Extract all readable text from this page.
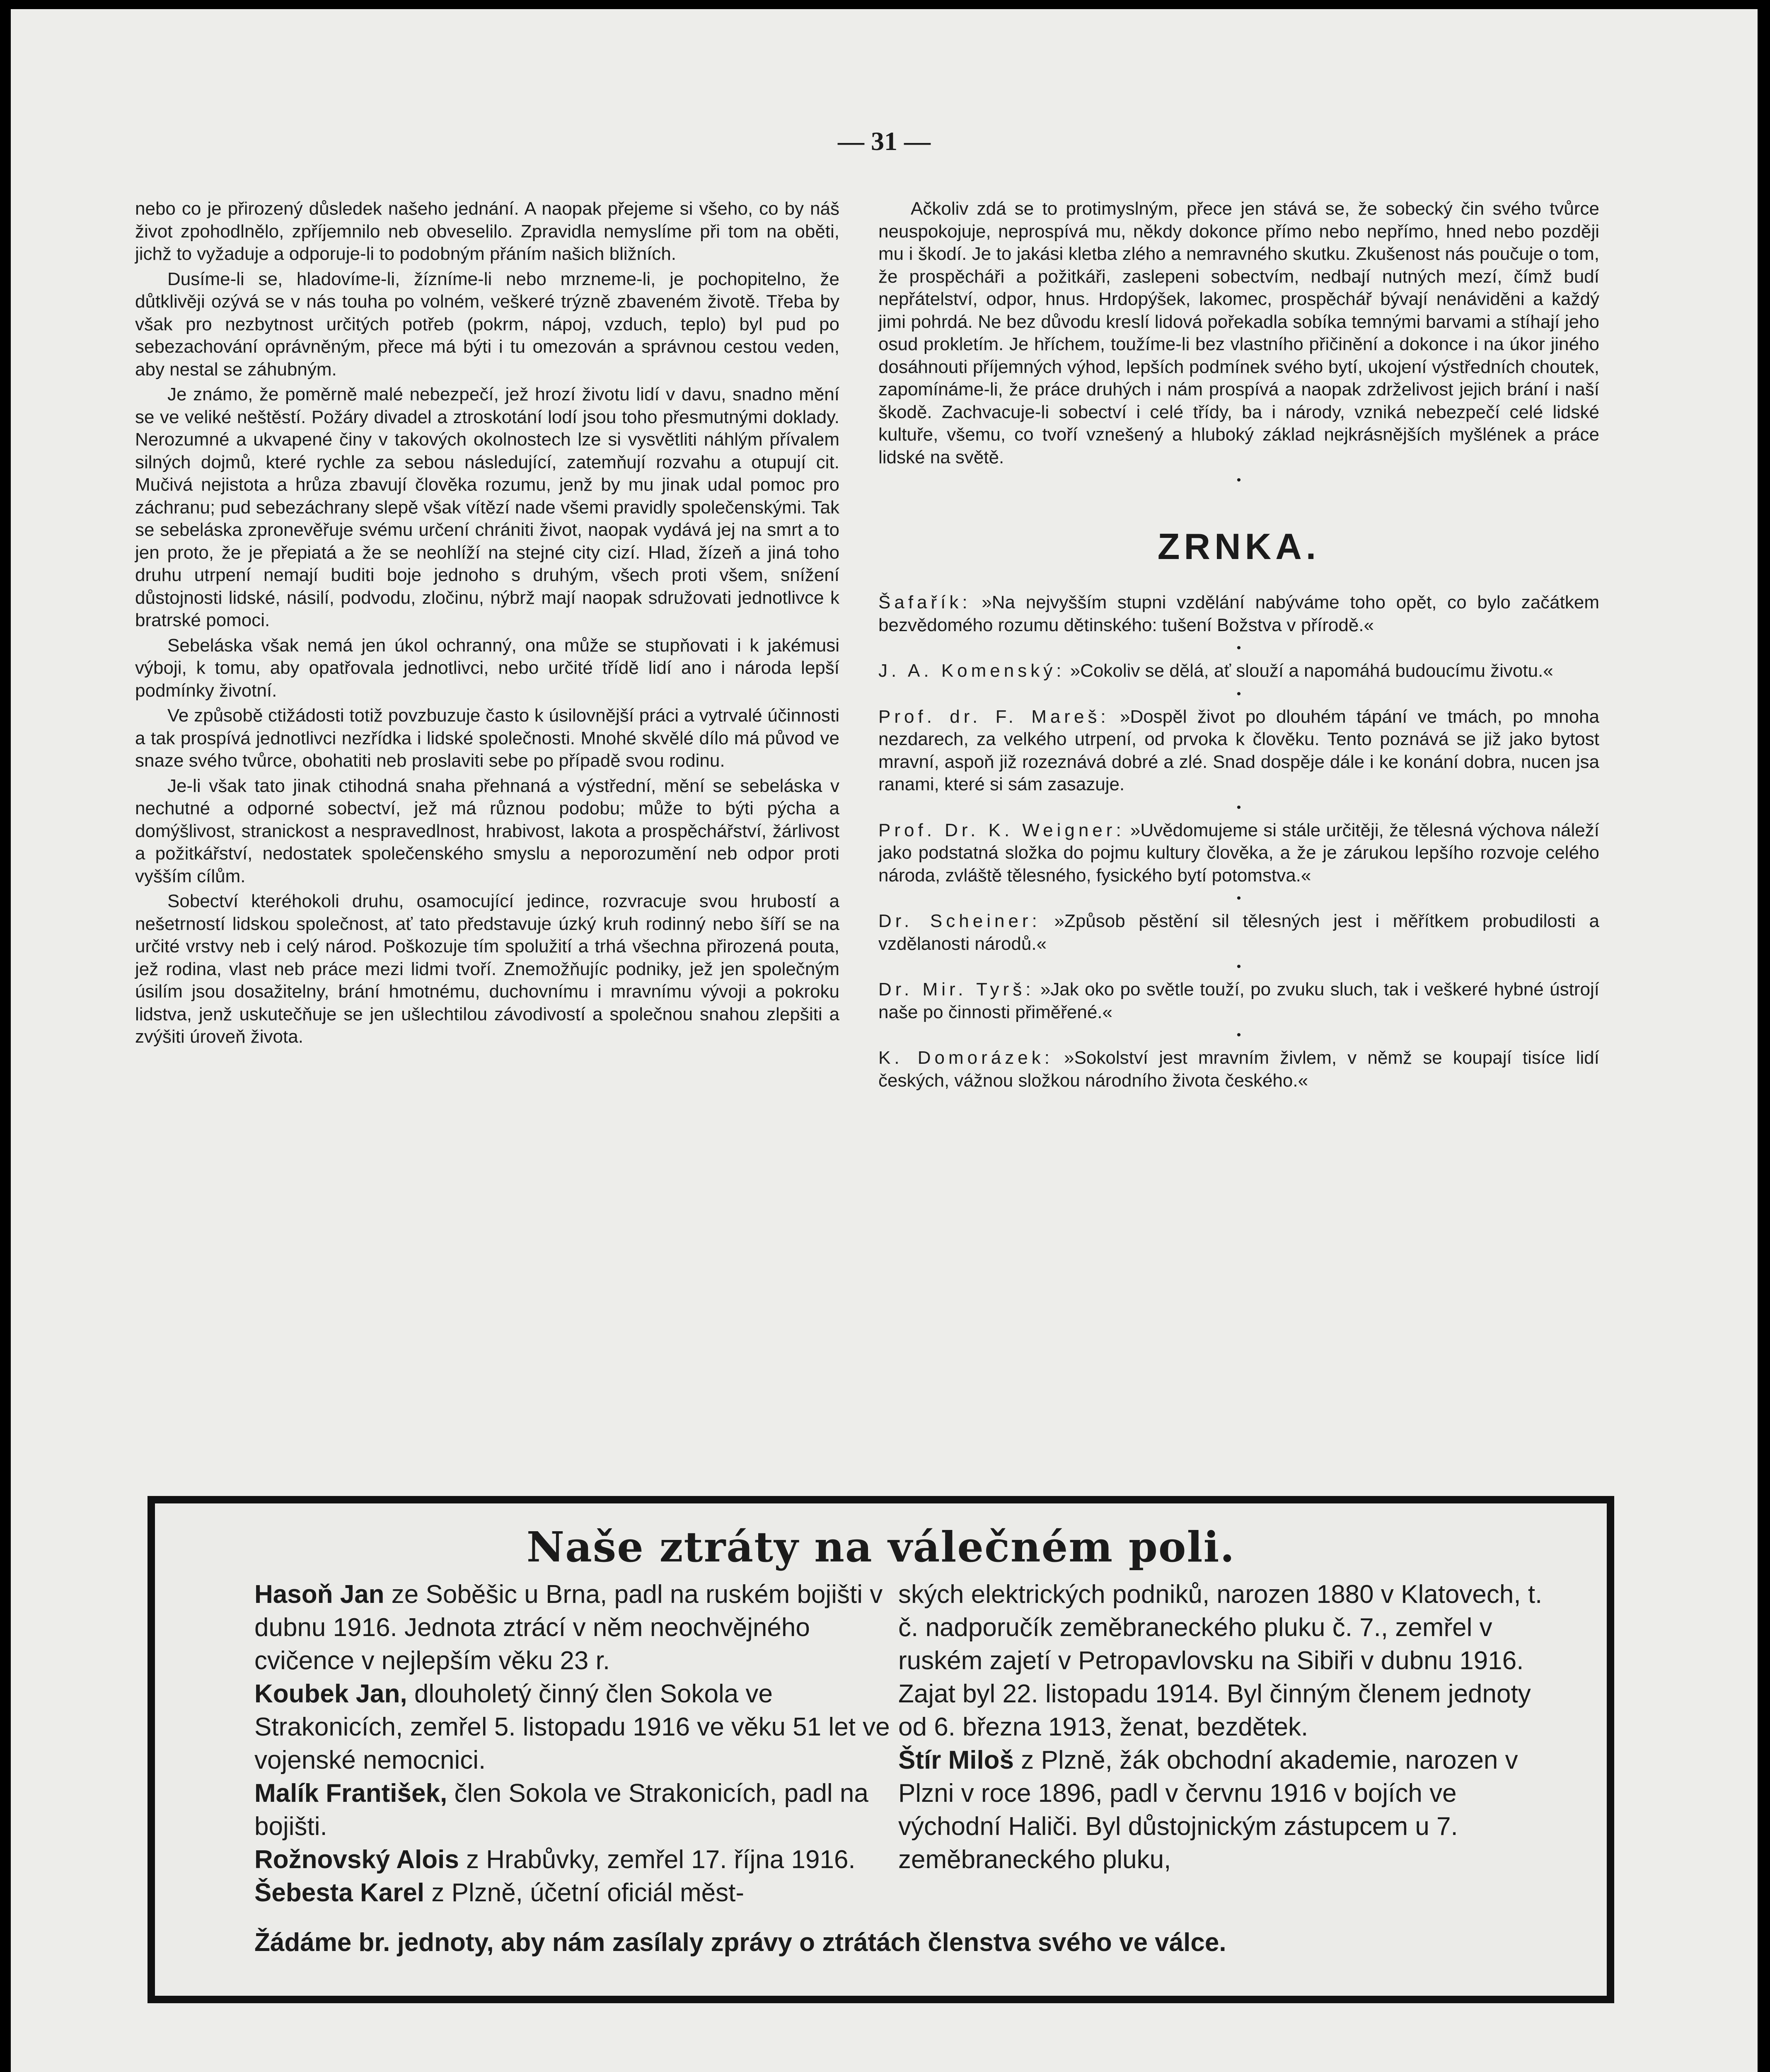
— 31 —

nebo co je přirozený důsledek našeho jednání. A naopak přejeme si všeho, co by náš život zpohodlnělo, zpříjemnilo neb obveselilo. Zpravidla nemyslíme při tom na oběti, jichž to vyžaduje a odporuje-li to podobným přáním našich bližních.

Dusíme-li se, hladovíme-li, žízníme-li nebo mrzneme-li, je pochopitelno, že důtklivěji ozývá se v nás touha po volném, veškeré trýzně zbaveném životě. Třeba by však pro nezbytnost určitých potřeb (pokrm, nápoj, vzduch, teplo) byl pud po sebezachování oprávněným, přece má býti i tu omezován a správnou cestou veden, aby nestal se záhubným.

Je známo, že poměrně malé nebezpečí, jež hrozí životu lidí v davu, snadno mění se ve veliké neštěstí. Požáry divadel a ztroskotání lodí jsou toho přesmutnými doklady. Nerozumné a ukvapené činy v takových okolnostech lze si vysvětliti náhlým přívalem silných dojmů, které rychle za sebou následující, zatemňují rozvahu a otupují cit. Mučivá nejistota a hrůza zbavují člověka rozumu, jenž by mu jinak udal pomoc pro záchranu; pud sebezáchrany slepě však vítězí nade všemi pravidly společenskými. Tak se sebeláska zpronevěřuje svému určení chrániti život, naopak vydává jej na smrt a to jen proto, že je přepiatá a že se neohlíží na stejné city cizí. Hlad, žízeň a jiná toho druhu utrpení nemají buditi boje jednoho s druhým, všech proti všem, snížení důstojnosti lidské, násilí, podvodu, zločinu, nýbrž mají naopak sdružovati jednotlivce k bratrské pomoci.

Sebeláska však nemá jen úkol ochranný, ona může se stupňovati i k jakémusi výboji, k tomu, aby opatřovala jednotlivci, nebo určité třídě lidí ano i národa lepší podmínky životní.

Ve způsobě ctižádosti totiž povzbuzuje často k úsilovnější práci a vytrvalé účinnosti a tak prospívá jednotlivci nezřídka i lidské společnosti. Mnohé skvělé dílo má původ ve snaze svého tvůrce, obohatiti neb proslaviti sebe po případě svou rodinu.

Je-li však tato jinak ctihodná snaha přehnaná a výstřední, mění se sebeláska v nechutné a odporné sobectví, jež má různou podobu; může to býti pýcha a domýšlivost, stranickost a nespravedlnost, hrabivost, lakota a prospěchářství, žárlivost a požitkářství, nedostatek společenského smyslu a neporozumění neb odpor proti vyšším cílům.

Sobectví kteréhokoli druhu, osamocující jedince, rozvracuje svou hrubostí a nešetrností lidskou společnost, ať tato představuje úzký kruh rodinný nebo šíří se na určité vrstvy neb i celý národ. Poškozuje tím spolužití a trhá všechna přirozená pouta, jež rodina, vlast neb práce mezi lidmi tvoří. Znemožňujíc podniky, jež jen společným úsilím jsou dosažitelny, brání hmotnému, duchovnímu i mravnímu vývoji a pokroku lidstva, jenž uskutečňuje se jen ušlechtilou závodivostí a společnou snahou zlepšiti a zvýšiti úroveň života.

Ačkoliv zdá se to protimyslným, přece jen stává se, že sobecký čin svého tvůrce neuspokojuje, neprospívá mu, někdy dokonce přímo nebo nepřímo, hned nebo později mu i škodí. Je to jakási kletba zlého a nemravného skutku. Zkušenost nás poučuje o tom, že prospěcháři a požitkáři, zaslepeni sobectvím, nedbají nutných mezí, čímž budí nepřátelství, odpor, hnus. Hrdopýšek, lakomec, prospěchář bývají nenáviděni a každý jimi pohrdá. Ne bez důvodu kreslí lidová pořekadla sobíka temnými barvami a stíhají jeho osud prokletím. Je hříchem, toužíme-li bez vlastního přičinění a dokonce i na úkor jiného dosáhnouti příjemných výhod, lepších podmínek svého bytí, ukojení výstředních choutek, zapomínáme-li, že práce druhých i nám prospívá a naopak zdrželivost jejich brání i naší škodě. Zachvacuje-li sobectví i celé třídy, ba i národy, vzniká nebezpečí celé lidské kultuře, všemu, co tvoří vznešený a hluboký základ nejkrásnějších myšlének a práce lidské na světě.

•

ZRNKA.

Šafařík: »Na nejvyšším stupni vzdělání nabýváme toho opět, co bylo začátkem bezvědomého rozumu dětinského: tušení Božstva v přírodě.«

•

J. A. Komenský: »Cokoliv se dělá, ať slouží a napomáhá budoucímu životu.«

•

Prof. dr. F. Mareš: »Dospěl život po dlouhém tápání ve tmách, po mnoha nezdarech, za velkého utrpení, od prvoka k člověku. Tento poznává se již jako bytost mravní, aspoň již rozeznává dobré a zlé. Snad dospěje dále i ke konání dobra, nucen jsa ranami, které si sám zasazuje.

•

Prof. Dr. K. Weigner: »Uvědomujeme si stále určitěji, že tělesná výchova náleží jako podstatná složka do pojmu kultury člověka, a že je zárukou lepšího rozvoje celého národa, zvláště tělesného, fysického bytí potomstva.«

•

Dr. Scheiner: »Způsob pěstění sil tělesných jest i měřítkem probudilosti a vzdělanosti národů.«

•

Dr. Mir. Tyrš: »Jak oko po světle touží, po zvuku sluch, tak i veškeré hybné ústrojí naše po činnosti přiměřené.«

•

K. Domorázek: »Sokolství jest mravním živlem, v němž se koupají tisíce lidí českých, vážnou složkou národního života českého.«

Naše ztráty na válečném poli.

Hasoň Jan ze Soběšic u Brna, padl na ruském bojišti v dubnu 1916. Jednota ztrácí v něm neochvějného cvičence v nejlepším věku 23 r.

Koubek Jan, dlouholetý činný člen Sokola ve Strakonicích, zemřel 5. listopadu 1916 ve věku 51 let ve vojenské nemocnici.

Malík František, člen Sokola ve Strakonicích, padl na bojišti.

Rožnovský Alois z Hrabůvky, zemřel 17. října 1916.

Šebesta Karel z Plzně, účetní oficiál měst-

ských elektrických podniků, narozen 1880 v Klatovech, t. č. nadporučík zeměbraneckého pluku č. 7., zemřel v ruském zajetí v Petropavlovsku na Sibiři v dubnu 1916. Zajat byl 22. listopadu 1914. Byl činným členem jednoty od 6. března 1913, ženat, bezdětek.

Štír Miloš z Plzně, žák obchodní akademie, narozen v Plzni v roce 1896, padl v červnu 1916 v bojích ve východní Haliči. Byl důstojnickým zástupcem u 7. zeměbraneckého pluku,

Žádáme br. jednoty, aby nám zasílaly zprávy o ztrátách členstva svého ve válce.
